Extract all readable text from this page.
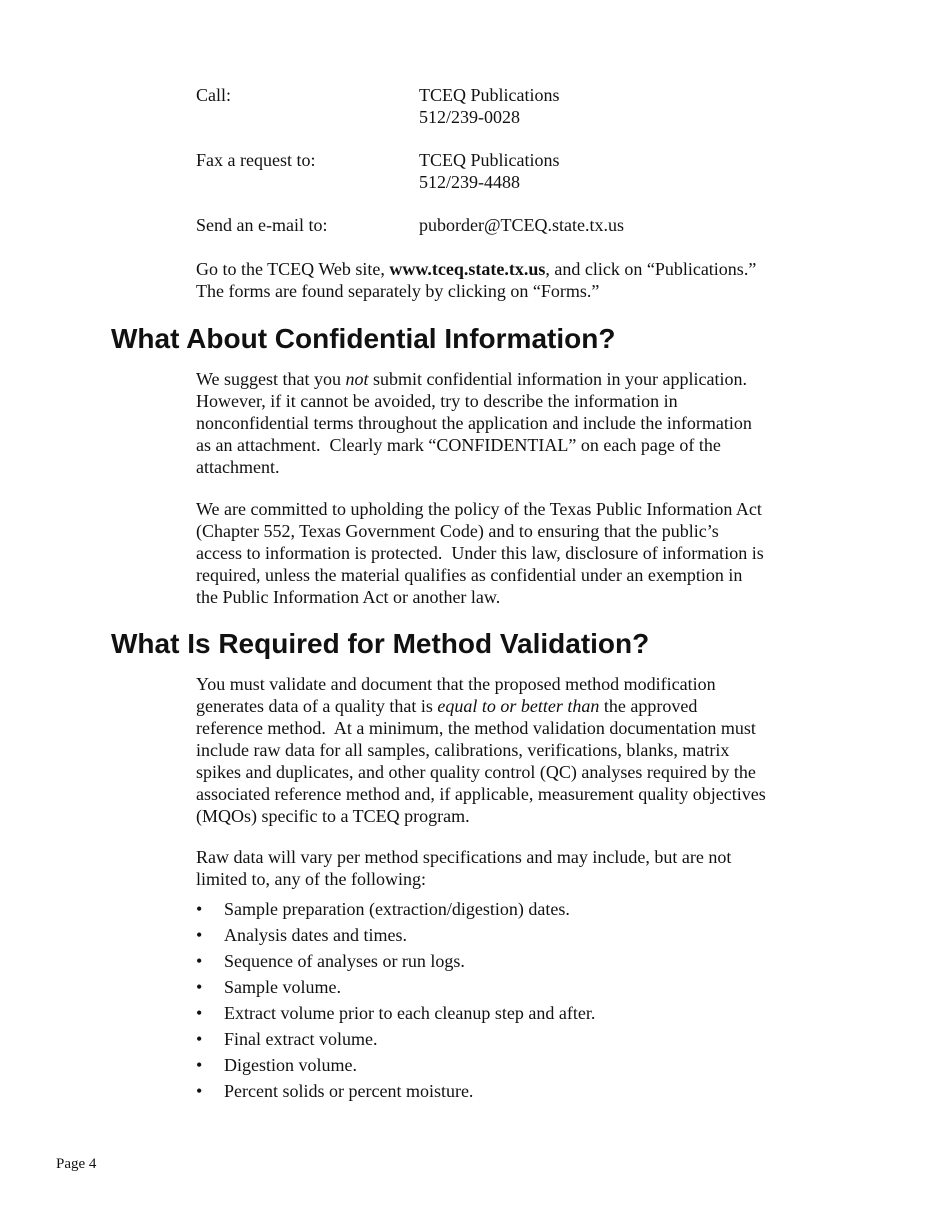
Call:	TCEQ Publications
512/239-0028
Fax a request to:	TCEQ Publications
512/239-4488
Send an e-mail to:	puborder@TCEQ.state.tx.us

Go to the TCEQ Web site, www.tceq.state.tx.us, and click on “Publications.” The forms are found separately by clicking on “Forms.”

What About Confidential Information?

We suggest that you not submit confidential information in your application.  However, if it cannot be avoided, try to describe the information in nonconfidential terms throughout the application and include the information as an attachment.  Clearly mark “CONFIDENTIAL” on each page of the attachment.

We are committed to upholding the policy of the Texas Public Information Act (Chapter 552, Texas Government Code) and to ensuring that the public’s access to information is protected.  Under this law, disclosure of information is required, unless the material qualifies as confidential under an exemption in the Public Information Act or another law.

What Is Required for Method Validation?

You must validate and document that the proposed method modification generates data of a quality that is equal to or better than the approved reference method.  At a minimum, the method validation documentation must include raw data for all samples, calibrations, verifications, blanks, matrix spikes and duplicates, and other quality control (QC) analyses required by the associated reference method and, if applicable, measurement quality objectives (MQOs) specific to a TCEQ program.

Raw data will vary per method specifications and may include, but are not limited to, any of the following:

• Sample preparation (extraction/digestion) dates.
• Analysis dates and times.
• Sequence of analyses or run logs.
• Sample volume.
• Extract volume prior to each cleanup step and after.
• Final extract volume.
• Digestion volume.
• Percent solids or percent moisture.
Page 4
